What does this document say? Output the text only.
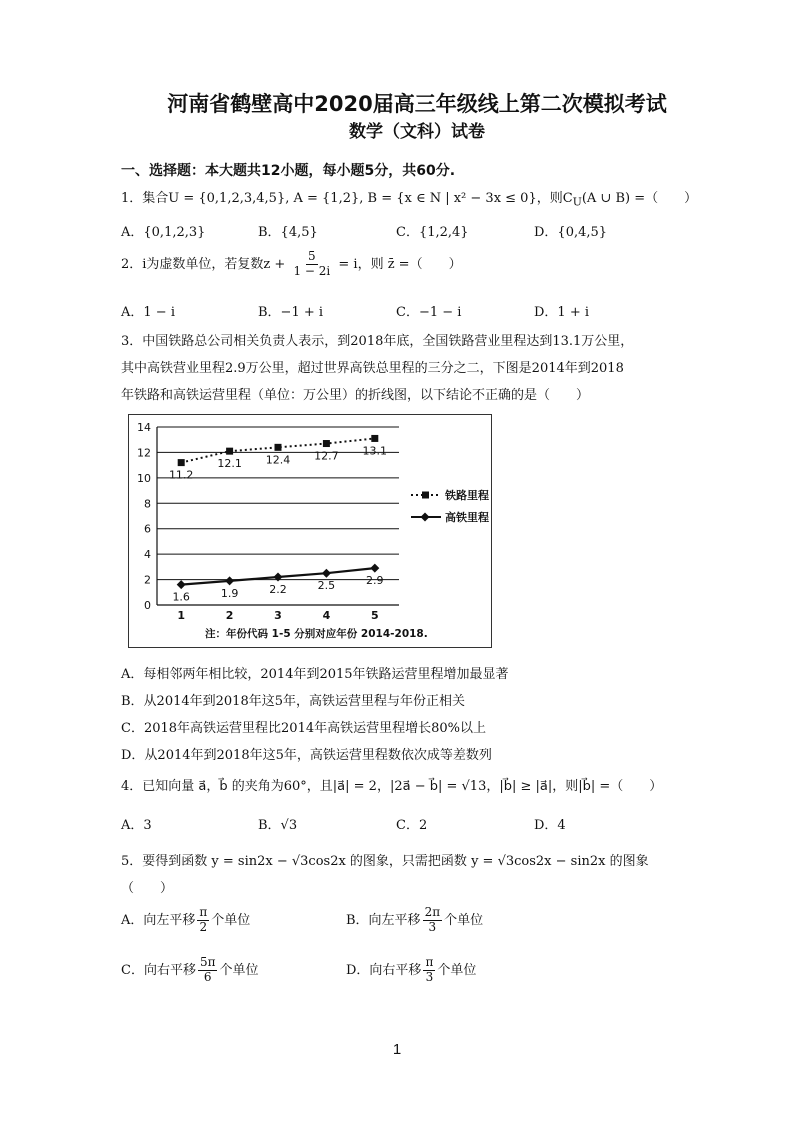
河南省鹤壁高中2020届高三年级线上第二次模拟考试
数学（文科）试卷
一、选择题：本大题共12小题，每小题5分，共60分.
1．集合U = {0,1,2,3,4,5}, A = {1,2}, B = {x ∈ N | x² − 3x ≤ 0}，则$C_U(A$ ∪ B) =（　　）
A．{0,1,2,3}	B．{4,5}	C．{1,2,4}	D．{0,4,5}
2．i为虚数单位，若复数$z + \frac{5}{1 - 2i} = i$，则 z̄ =（　　）
A．1 − i	B．−1 + i	C．−1 − i	D．1 + i
3．中国铁路总公司相关负责人表示，到2018年底，全国铁路营业里程达到13.1万公里，
其中高铁营业里程2.9万公里，超过世界高铁总里程的三分之二，下图是2014年到2018
年铁路和高铁运营里程（单位：万公里）的折线图，以下结论不正确的是（　　）
0
2
4
6
8
10
12
14
1	2	3	4	5
11.2
12.1 12.4 12.7 13.1
1.6	1.9	2.2	2.5	2.9
铁路里程
高铁里程
注：年份代码 1-5 分别对应年份 2014-2018.
A．每相邻两年相比较，2014年到2015年铁路运营里程增加最显著
B．从2014年到2018年这5年，高铁运营里程与年份正相关
C．2018年高铁运营里程比2014年高铁运营里程增长80%以上
D．从2014年到2018年这5年，高铁运营里程数依次成等差数列
4．已知向量 a⃗，b⃗ 的夹角为60°，且|a⃗| = 2，|2a⃗ − b⃗| = √13，|b⃗| ≥ |a⃗|，则|b⃗| =（　　）
A．3	B．√3	C．2	D．4
5．要得到函数 y = sin2x − √3cos2x 的图象，只需把函数 y = √3cos2x − sin2x 的图象
（　　）
A．向左平移 $\frac{\pi}{2}$ 个单位	B．向左平移 $\frac{2\pi}{3}$ 个单位
C．向右平移 $\frac{5\pi}{6}$ 个单位	D．向右平移 $\frac{\pi}{3}$ 个单位
1
